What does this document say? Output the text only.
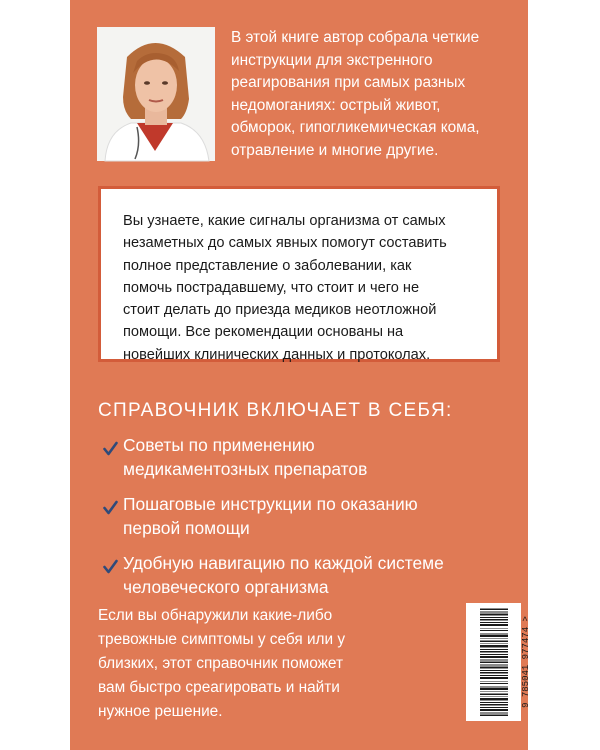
В этой книге автор собрала четкие
инструкции для экстренного
реагирования при самых разных
недомоганиях: острый живот,
обморок, гипогликемическая кома,
отравление и многие другие.
Вы узнаете, какие сигналы организма от самых
незаметных до самых явных помогут составить
полное представление о заболевании, как
помочь пострадавшему, что стоит и чего не
стоит делать до приезда медиков неотложной
помощи. Все рекомендации основаны на
новейших клинических данных и протоколах.
СПРАВОЧНИК ВКЛЮЧАЕТ В СЕБЯ:
Советы по применению
медикаментозных препаратов
Пошаговые инструкции по оказанию
первой помощи
Удобную навигацию по каждой системе
человеческого организма
Если вы обнаружили какие-либо
тревожные симптомы у себя или у
близких, этот справочник поможет
вам быстро среагировать и найти
нужное решение.
9 785041 977474 >
